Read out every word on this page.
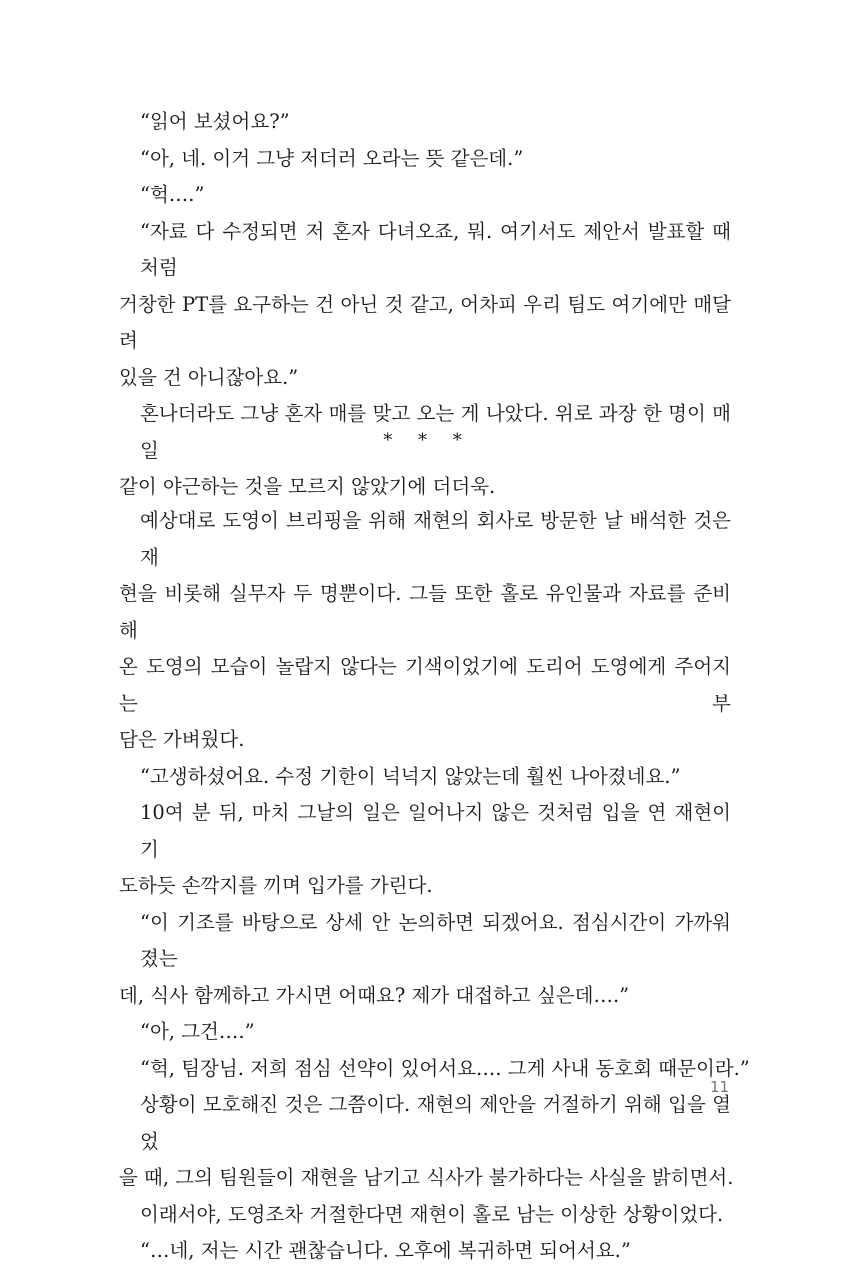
“읽어 보셨어요?”

“아, 네. 이거 그냥 저더러 오라는 뜻 같은데.”

“헉….”

“자료 다 수정되면 저 혼자 다녀오죠, 뭐. 여기서도 제안서 발표할 때처럼
거창한 PT를 요구하는 건 아닌 것 같고, 어차피 우리 팀도 여기에만 매달려
있을 건 아니잖아요.”

혼나더라도 그냥 혼자 매를 맞고 오는 게 나았다. 위로 과장 한 명이 매일
같이 야근하는 것을 모르지 않았기에 더더욱.

* * *

예상대로 도영이 브리핑을 위해 재현의 회사로 방문한 날 배석한 것은 재
현을 비롯해 실무자 두 명뿐이다. 그들 또한 홀로 유인물과 자료를 준비해
온 도영의 모습이 놀랍지 않다는 기색이었기에 도리어 도영에게 주어지는 부
담은 가벼웠다.

“고생하셨어요. 수정 기한이 넉넉지 않았는데 훨씬 나아졌네요.”

10여 분 뒤, 마치 그날의 일은 일어나지 않은 것처럼 입을 연 재현이 기
도하듯 손깍지를 끼며 입가를 가린다.

“이 기조를 바탕으로 상세 안 논의하면 되겠어요. 점심시간이 가까워졌는
데, 식사 함께하고 가시면 어때요? 제가 대접하고 싶은데….”

“아, 그건….”

“헉, 팀장님. 저희 점심 선약이 있어서요…. 그게 사내 동호회 때문이라.”

상황이 모호해진 것은 그쯤이다. 재현의 제안을 거절하기 위해 입을 열었
을 때, 그의 팀원들이 재현을 남기고 식사가 불가하다는 사실을 밝히면서.

이래서야, 도영조차 거절한다면 재현이 홀로 남는 이상한 상황이었다.

“…네, 저는 시간 괜찮습니다. 오후에 복귀하면 되어서요.”

11
